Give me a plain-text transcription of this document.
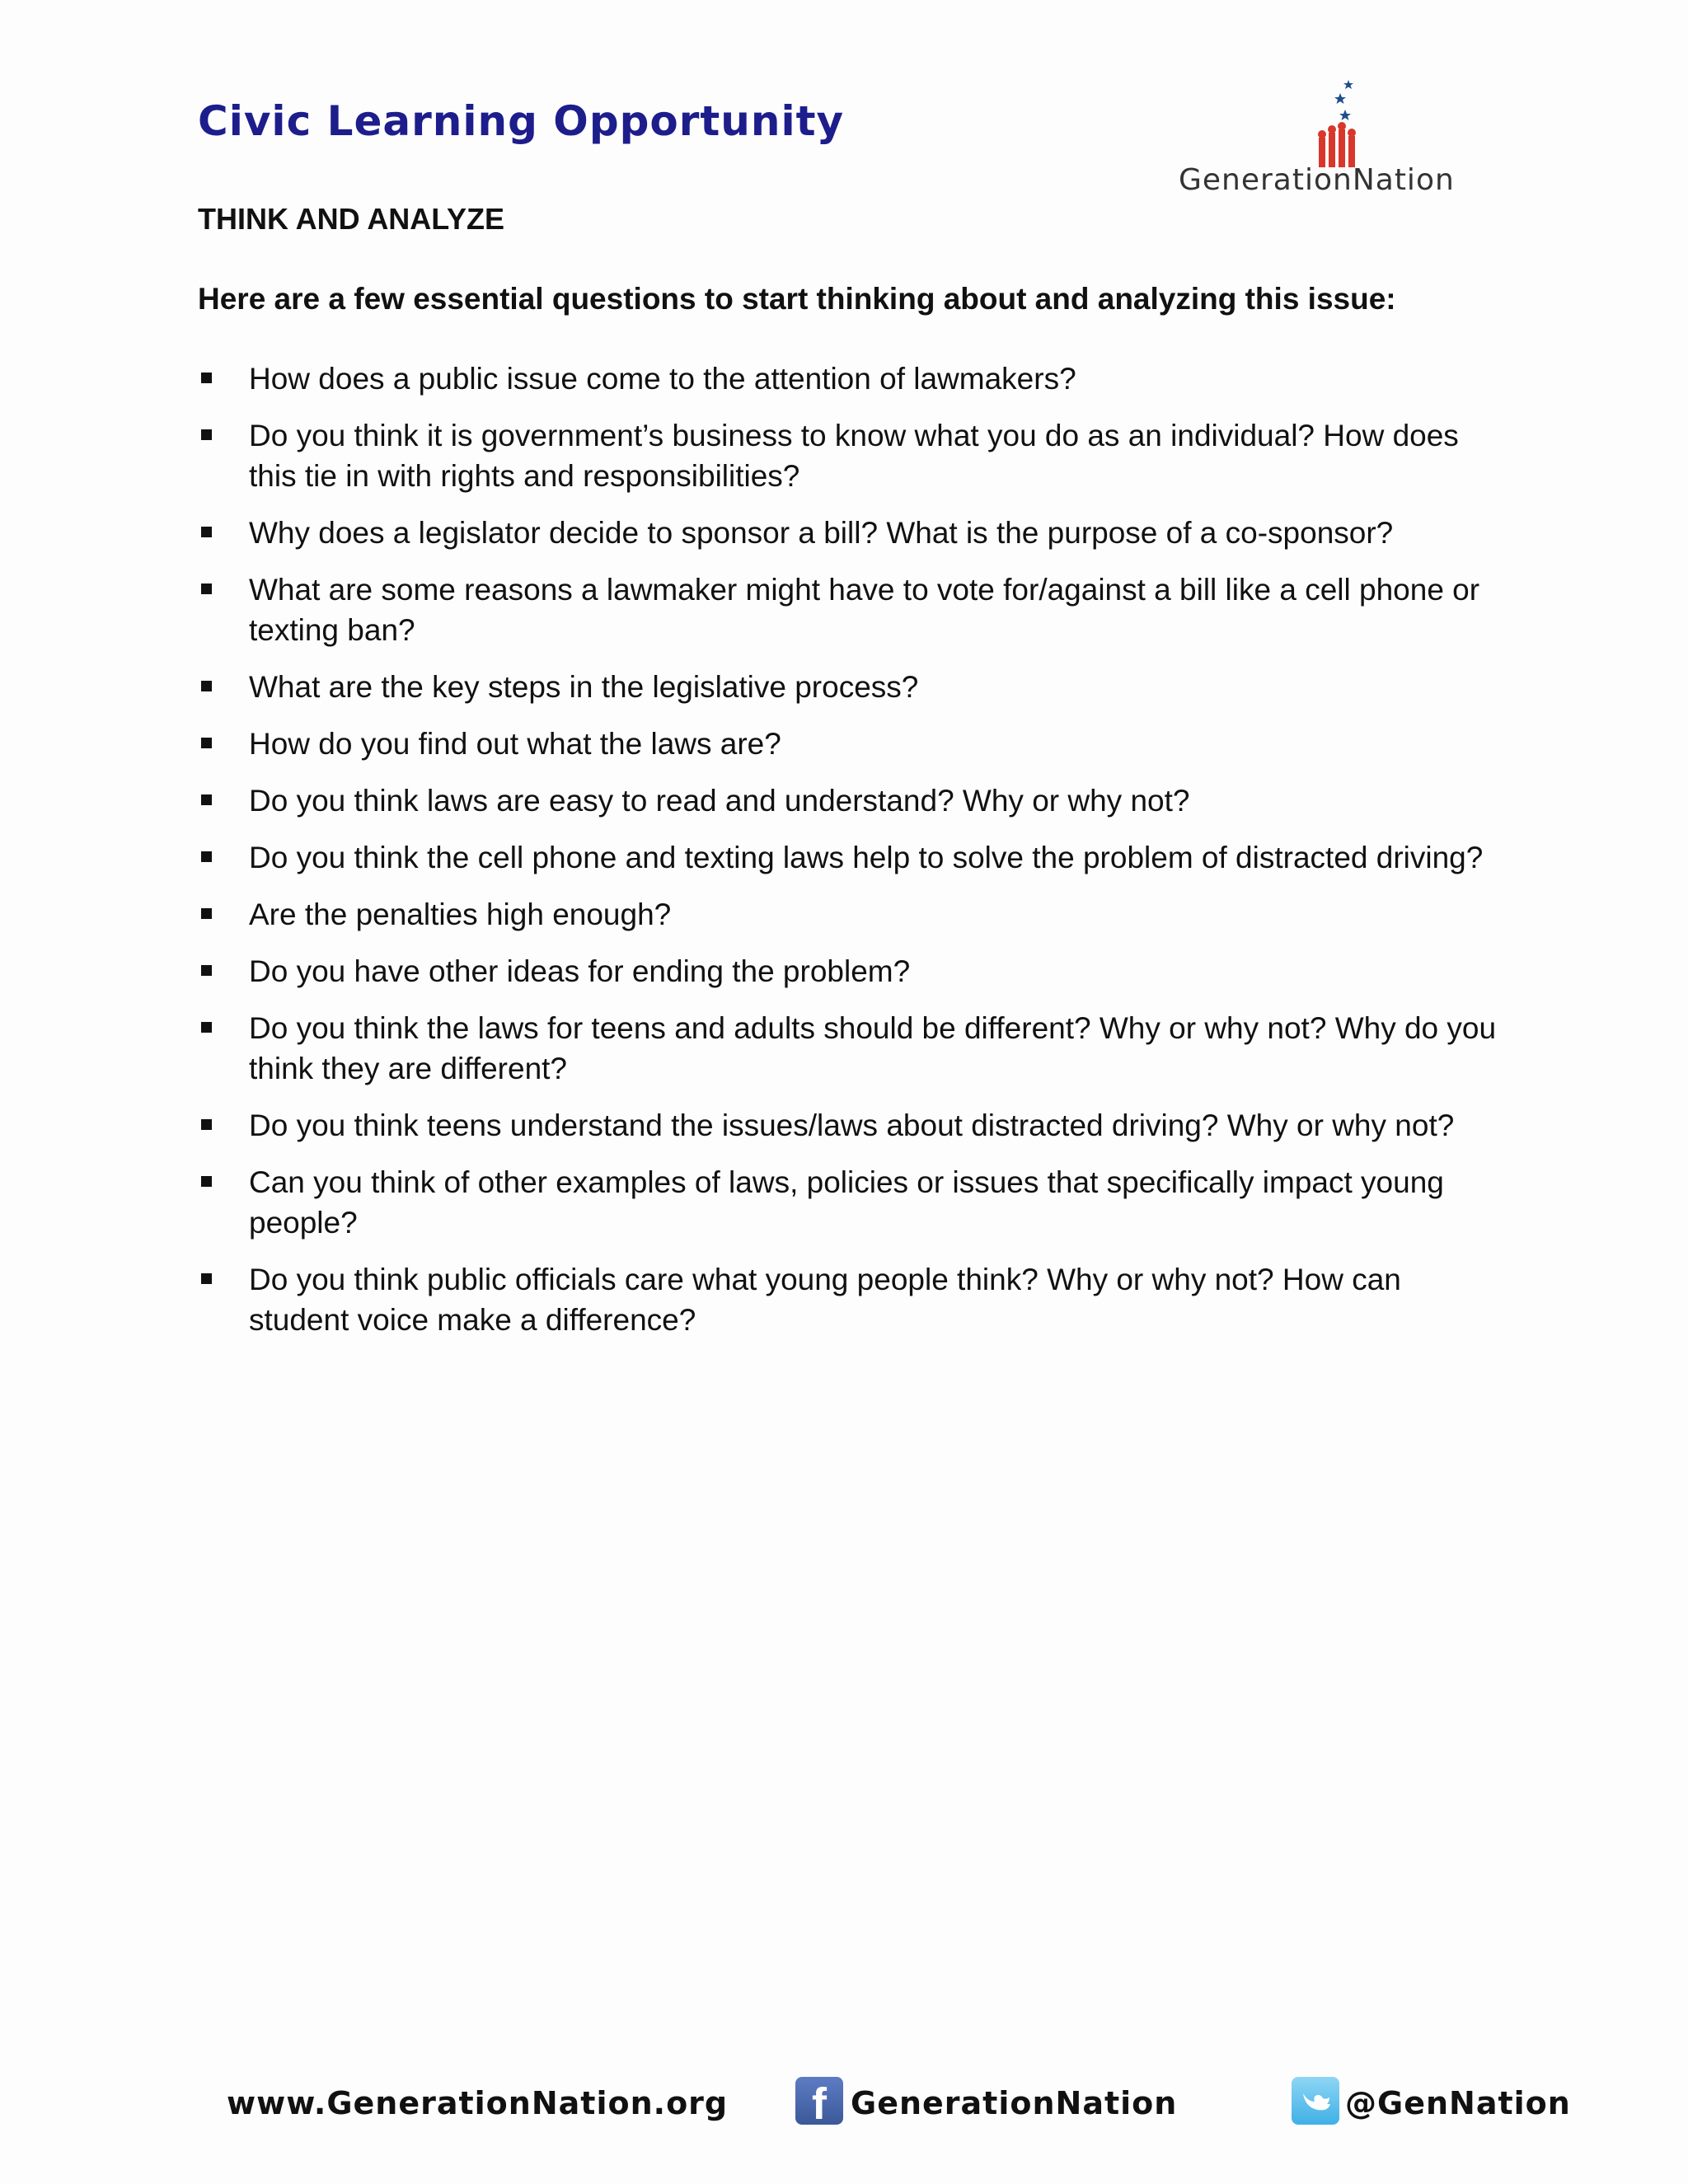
Civic Learning Opportunity
GenerationNation
THINK AND ANALYZE
Here are a few essential questions to start thinking about and analyzing this issue:
How does a public issue come to the attention of lawmakers?
Do you think it is government’s business to know what you do as an individual? How does this tie in with rights and responsibilities?
Why does a legislator decide to sponsor a bill? What is the purpose of a co-sponsor?
What are some reasons a lawmaker might have to vote for/against a bill like a cell phone or texting ban?
What are the key steps in the legislative process?
How do you find out what the laws are?
Do you think laws are easy to read and understand? Why or why not?
Do you think the cell phone and texting laws help to solve the problem of distracted driving?
Are the penalties high enough?
Do you have other ideas for ending the problem?
Do you think the laws for teens and adults should be different? Why or why not? Why do you think they are different?
Do you think teens understand the issues/laws about distracted driving? Why or why not?
Can you think of other examples of laws, policies or issues that specifically impact young people?
Do you think public officials care what young people think? Why or why not? How can student voice make a difference?
www.GenerationNation.org	f GenerationNation	@GenNation
